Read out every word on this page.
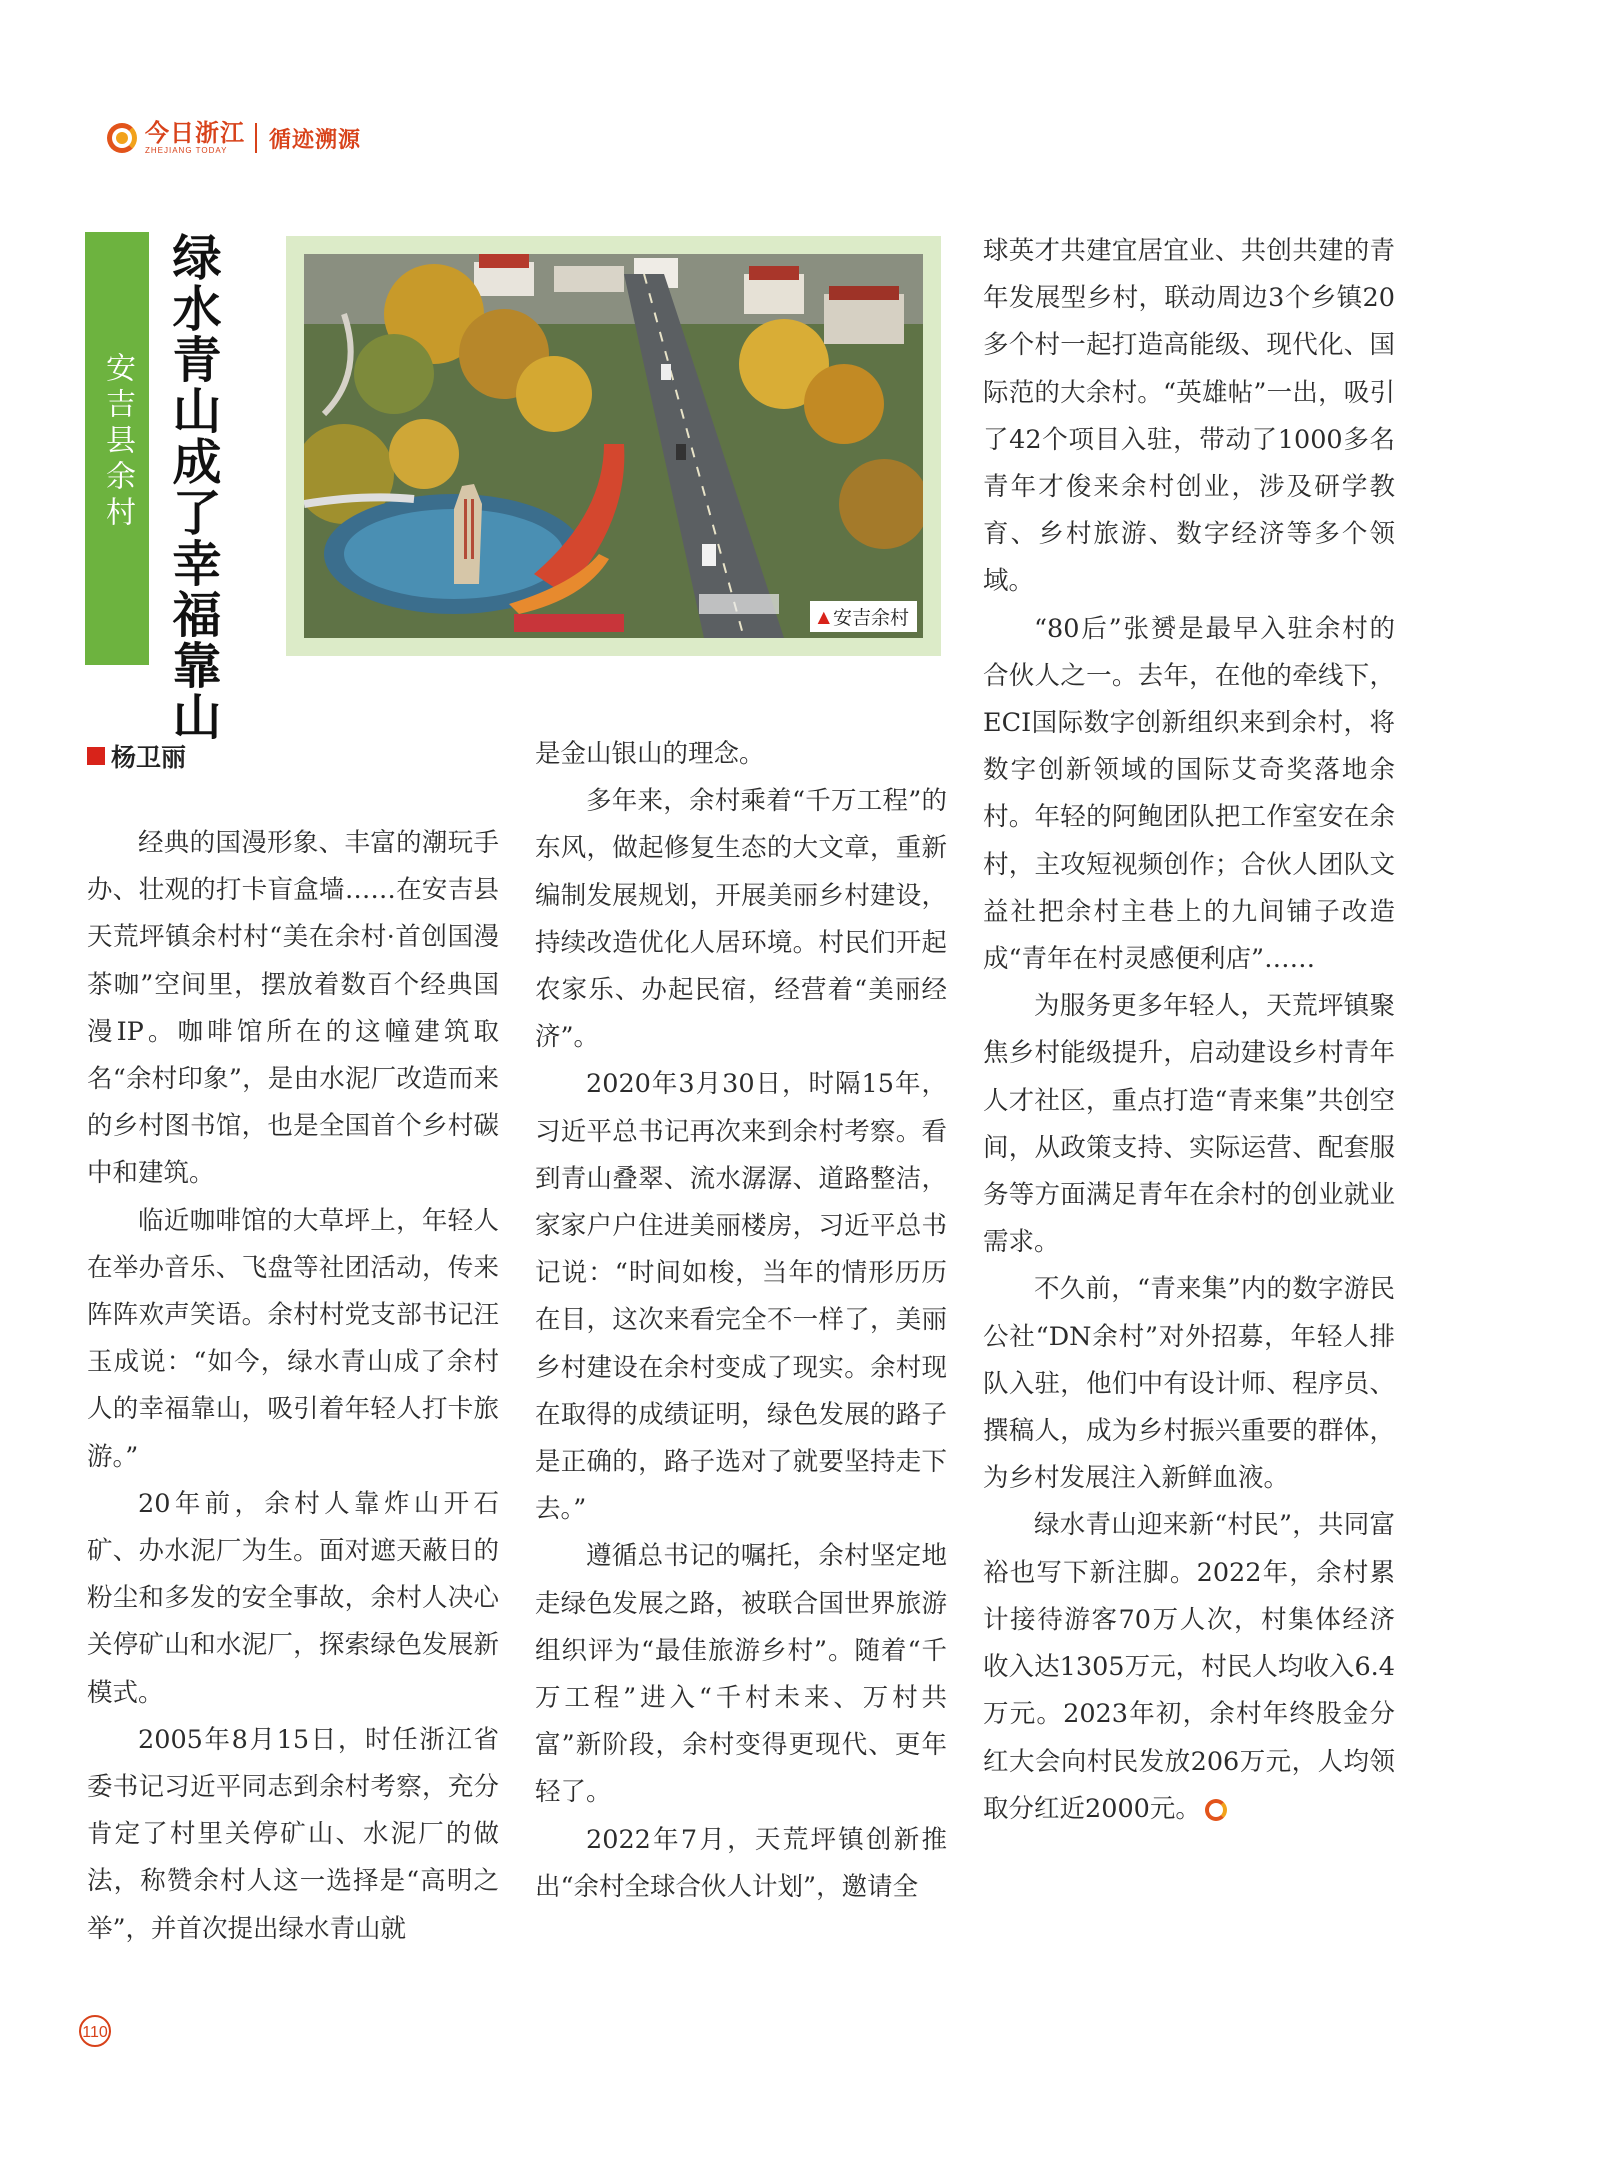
今日浙江
ZHEJIANG TODAY	循迹溯源
安吉县余村 绿水青山成了幸福靠山	▲ 安吉余村
杨卫丽

经典的国漫形象、丰富的潮玩手办、壮观的打卡盲盒墙……在安吉县天荒坪镇余村村“美在余村·首创国漫茶咖”空间里，摆放着数百个经典国漫IP。咖啡馆所在的这幢建筑取名“余村印象”，是由水泥厂改造而来的乡村图书馆，也是全国首个乡村碳中和建筑。

临近咖啡馆的大草坪上，年轻人在举办音乐、飞盘等社团活动，传来阵阵欢声笑语。余村村党支部书记汪玉成说：“如今，绿水青山成了余村人的幸福靠山，吸引着年轻人打卡旅游。”

20年前，余村人靠炸山开石矿、办水泥厂为生。面对遮天蔽日的粉尘和多发的安全事故，余村人决心关停矿山和水泥厂，探索绿色发展新模式。

2005年8月15日，时任浙江省委书记习近平同志到余村考察，充分肯定了村里关停矿山、水泥厂的做法，称赞余村人这一选择是“高明之举”，并首次提出绿水青山就

是金山银山的理念。

多年来，余村乘着“千万工程”的东风，做起修复生态的大文章，重新编制发展规划，开展美丽乡村建设，持续改造优化人居环境。村民们开起农家乐、办起民宿，经营着“美丽经济”。

2020年3月30日，时隔15年，习近平总书记再次来到余村考察。看到青山叠翠、流水潺潺、道路整洁，家家户户住进美丽楼房，习近平总书记说：“时间如梭，当年的情形历历在目，这次来看完全不一样了，美丽乡村建设在余村变成了现实。余村现在取得的成绩证明，绿色发展的路子是正确的，路子选对了就要坚持走下去。”

遵循总书记的嘱托，余村坚定地走绿色发展之路，被联合国世界旅游组织评为“最佳旅游乡村”。随着“千万工程”进入“千村未来、万村共富”新阶段，余村变得更现代、更年轻了。

2022年7月，天荒坪镇创新推出“余村全球合伙人计划”，邀请全

球英才共建宜居宜业、共创共建的青年发展型乡村，联动周边3个乡镇20多个村一起打造高能级、现代化、国际范的大余村。“英雄帖”一出，吸引了42个项目入驻，带动了1000多名青年才俊来余村创业，涉及研学教育、乡村旅游、数字经济等多个领域。

“80后”张赟是最早入驻余村的合伙人之一。去年，在他的牵线下，ECI国际数字创新组织来到余村，将数字创新领域的国际艾奇奖落地余村。年轻的阿鲍团队把工作室安在余村，主攻短视频创作；合伙人团队文益社把余村主巷上的九间铺子改造成“青年在村灵感便利店”……

为服务更多年轻人，天荒坪镇聚焦乡村能级提升，启动建设乡村青年人才社区，重点打造“青来集”共创空间，从政策支持、实际运营、配套服务等方面满足青年在余村的创业就业需求。

不久前，“青来集”内的数字游民公社“DN余村”对外招募，年轻人排队入驻，他们中有设计师、程序员、撰稿人，成为乡村振兴重要的群体，为乡村发展注入新鲜血液。

绿水青山迎来新“村民”，共同富裕也写下新注脚。2022年，余村累计接待游客70万人次，村集体经济收入达1305万元，村民人均收入6.4万元。2023年初，余村年终股金分红大会向村民发放206万元，人均领取分红近2000元。

110
